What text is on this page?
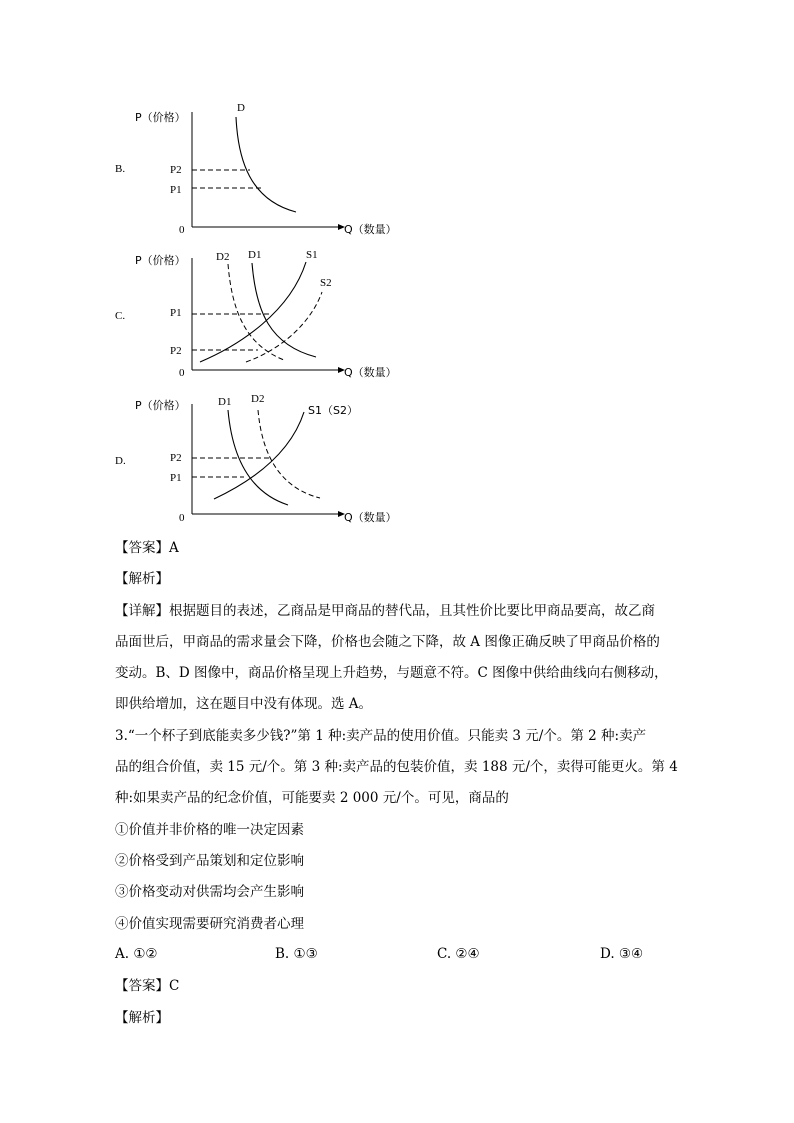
B.
C.
D.
P（价格）
0	Q（数量）
P2
P1
D
P（价格）
0	Q（数量）
P1
P2
D2 D1	S1
S2
P（价格）
0	Q（数量）
P2
P1
D1 D2
S1（S2）
【答案】A
【解析】
【详解】根据题目的表述，乙商品是甲商品的替代品，且其性价比要比甲商品要高，故乙商
品面世后，甲商品的需求量会下降，价格也会随之下降，故 A 图像正确反映了甲商品价格的
变动。B、D 图像中，商品价格呈现上升趋势，与题意不符。C 图像中供给曲线向右侧移动，
即供给增加，这在题目中没有体现。选 A。
3.“一个杯子到底能卖多少钱?”第 1 种:卖产品的使用价值。只能卖 3 元/个。第 2 种:卖产
品的组合价值，卖 15 元/个。第 3 种:卖产品的包装价值，卖 188 元/个，卖得可能更火。第 4
种:如果卖产品的纪念价值，可能要卖 2 000 元/个。可见，商品的
①价值并非价格的唯一决定因素
②价格受到产品策划和定位影响
③价格变动对供需均会产生影响
④价值实现需要研究消费者心理
A. ①②	B. ①③	C. ②④	D. ③④
【答案】C
【解析】
